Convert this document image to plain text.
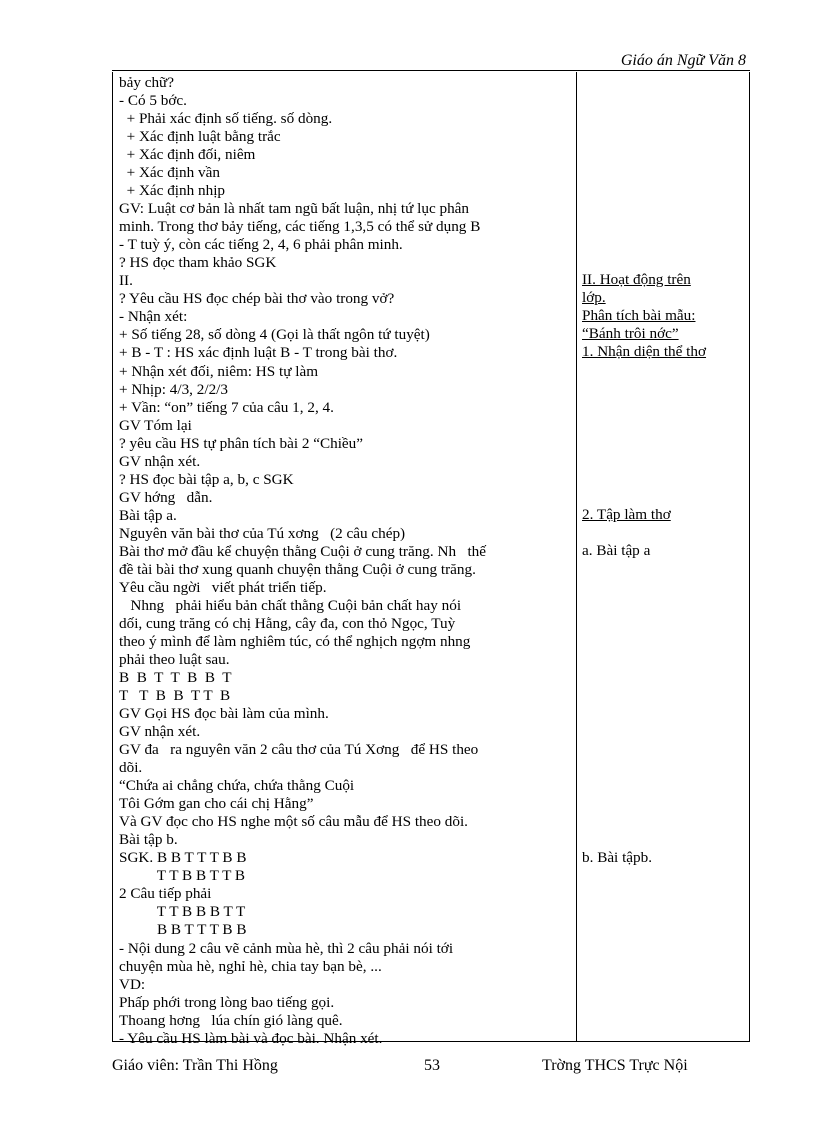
Giáo án Ngữ Văn 8
bảy chữ?
- Có 5 bớc.
+ Phải xác định số tiếng. số dòng.
+ Xác định luật bằng trắc
+ Xác định đối, niêm
+ Xác định vần
+ Xác định nhịp
GV: Luật cơ bản là nhất tam ngũ bất luận, nhị tứ lục phân
minh. Trong thơ bảy tiếng, các tiếng 1,3,5 có thể sử dụng B
- T tuỳ ý, còn các tiếng 2, 4, 6 phải phân minh.
? HS đọc tham khảo SGK
II.
? Yêu cầu HS đọc chép bài thơ vào trong vở?
- Nhận xét:
+ Số tiếng 28, số dòng 4 (Gọi là thất ngôn tứ tuyệt)
+ B - T : HS xác định luật B - T trong bài thơ.
+ Nhận xét đối, niêm: HS tự làm
+ Nhịp: 4/3, 2/2/3
+ Vần: “on” tiếng 7 của câu 1, 2, 4.
GV Tóm lại
? yêu cầu HS tự phân tích bài 2 “Chiều”
GV nhận xét.
? HS đọc bài tập a, b, c SGK
GV hớng   dẫn.
Bài tập a.
Nguyên văn bài thơ của Tú xơng   (2 câu chép)
Bài thơ mở đầu kể chuyện thằng Cuội ở cung trăng. Nh   thế
đề tài bài thơ xung quanh chuyện thằng Cuội ở cung trăng.
Yêu cầu ngời   viết phát triển tiếp.
Nhng   phải hiểu bản chất thằng Cuội bản chất hay nói
dối, cung trăng có chị Hằng, cây đa, con thỏ Ngọc, Tuỳ
theo ý mình để làm nghiêm túc, có thể nghịch ngợm nhng
phải theo luật sau.
B  B  T  T  B  B  T
T   T  B  B  T T  B
GV Gọi HS đọc bài làm của mình.
GV nhận xét.
GV đa   ra nguyên văn 2 câu thơ của Tú Xơng   để HS theo
dõi.
“Chứa ai chẳng chứa, chứa thằng Cuội
Tôi Gớm gan cho cái chị Hằng”
Và GV đọc cho HS nghe một số câu mẫu để HS theo dõi.
Bài tập b.
SGK. B B T T T B B
T T B B T T B
2 Câu tiếp phải
T T B B B T T
B B T T T B B
- Nội dung 2 câu vẽ cảnh mùa hè, thì 2 câu phải nói tới
chuyện mùa hè, nghỉ hè, chia tay bạn bè, ...
VD:
Phấp phới trong lòng bao tiếng gọi.
Thoang hơng   lúa chín gió làng quê.
- Yêu cầu HS làm bài và đọc bài. Nhận xét.
II. Hoạt động trên
lớp.
Phân tích bài mẫu:
“Bánh trôi nớc”
1. Nhận diện thể thơ
2. Tập làm thơ
a. Bài tập a
b. Bài tậpb.
Giáo viên: Trần Thi Hồng	53	Trờng THCS Trực Nội
